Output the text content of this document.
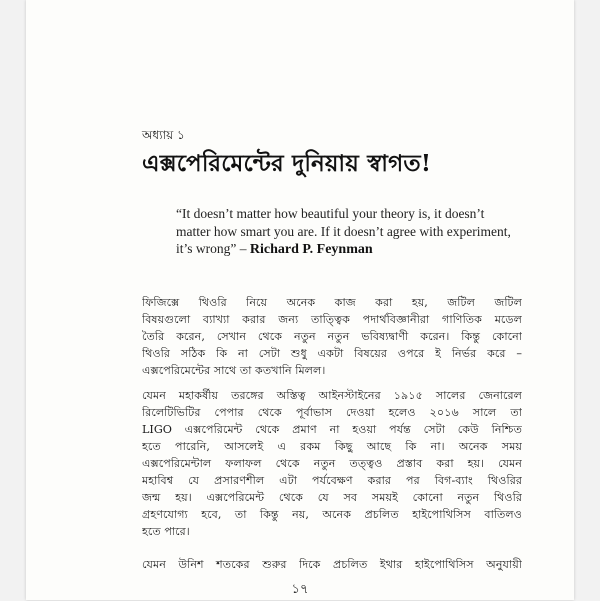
অধ্যায় ১
এক্সপেরিমেন্টের দুনিয়ায় স্বাগত!
“It doesn’t matter how beautiful your theory is, it doesn’t matter how smart you are. If it doesn’t agree with experiment, it’s wrong” – Richard P. Feynman

ফিজিক্সে থিওরি নিয়ে অনেক কাজ করা হয়, জটিল জটিল
বিষয়গুলো ব্যাখ্যা করার জন্য তাত্ত্বিক পদার্থবিজ্ঞানীরা গাণিতিক মডেল
তৈরি করেন, সেখান থেকে নতুন নতুন ভবিষ্যদ্বাণী করেন। কিন্তু কোনো
থিওরি সঠিক কি না সেটা শুধু একটা বিষয়ের ওপরে ই নির্ভর করে –
এক্সপেরিমেন্টের সাথে তা কতখানি মিলল।

যেমন মহাকর্ষীয় তরঙ্গের অস্তিত্ব আইনস্টাইনের ১৯১৫ সালের জেনারেল
রিলেটিভিটির পেপার থেকে পূর্বাভাস দেওয়া হলেও ২০১৬ সালে তা
LIGO এক্সপেরিমেন্ট থেকে প্রমাণ না হওয়া পর্যন্ত সেটা কেউ নিশ্চিত
হতে পারেনি, আসলেই এ রকম কিছু আছে কি না। অনেক সময়
এক্সপেরিমেন্টাল ফলাফল থেকে নতুন তত্ত্বও প্রস্তাব করা হয়। যেমন
মহাবিশ্ব যে প্রসারণশীল এটা পর্যবেক্ষণ করার পর বিগ-ব্যাং থিওরির
জন্ম হয়। এক্সপেরিমেন্ট থেকে যে সব সময়ই কোনো নতুন থিওরি
গ্রহণযোগ্য হবে, তা কিন্তু নয়, অনেক প্রচলিত হাইপোথিসিস বাতিলও
হতে পারে।

যেমন উনিশ শতকের শুরুর দিকে প্রচলিত ইথার হাইপোথিসিস অনুযায়ী

১৭
